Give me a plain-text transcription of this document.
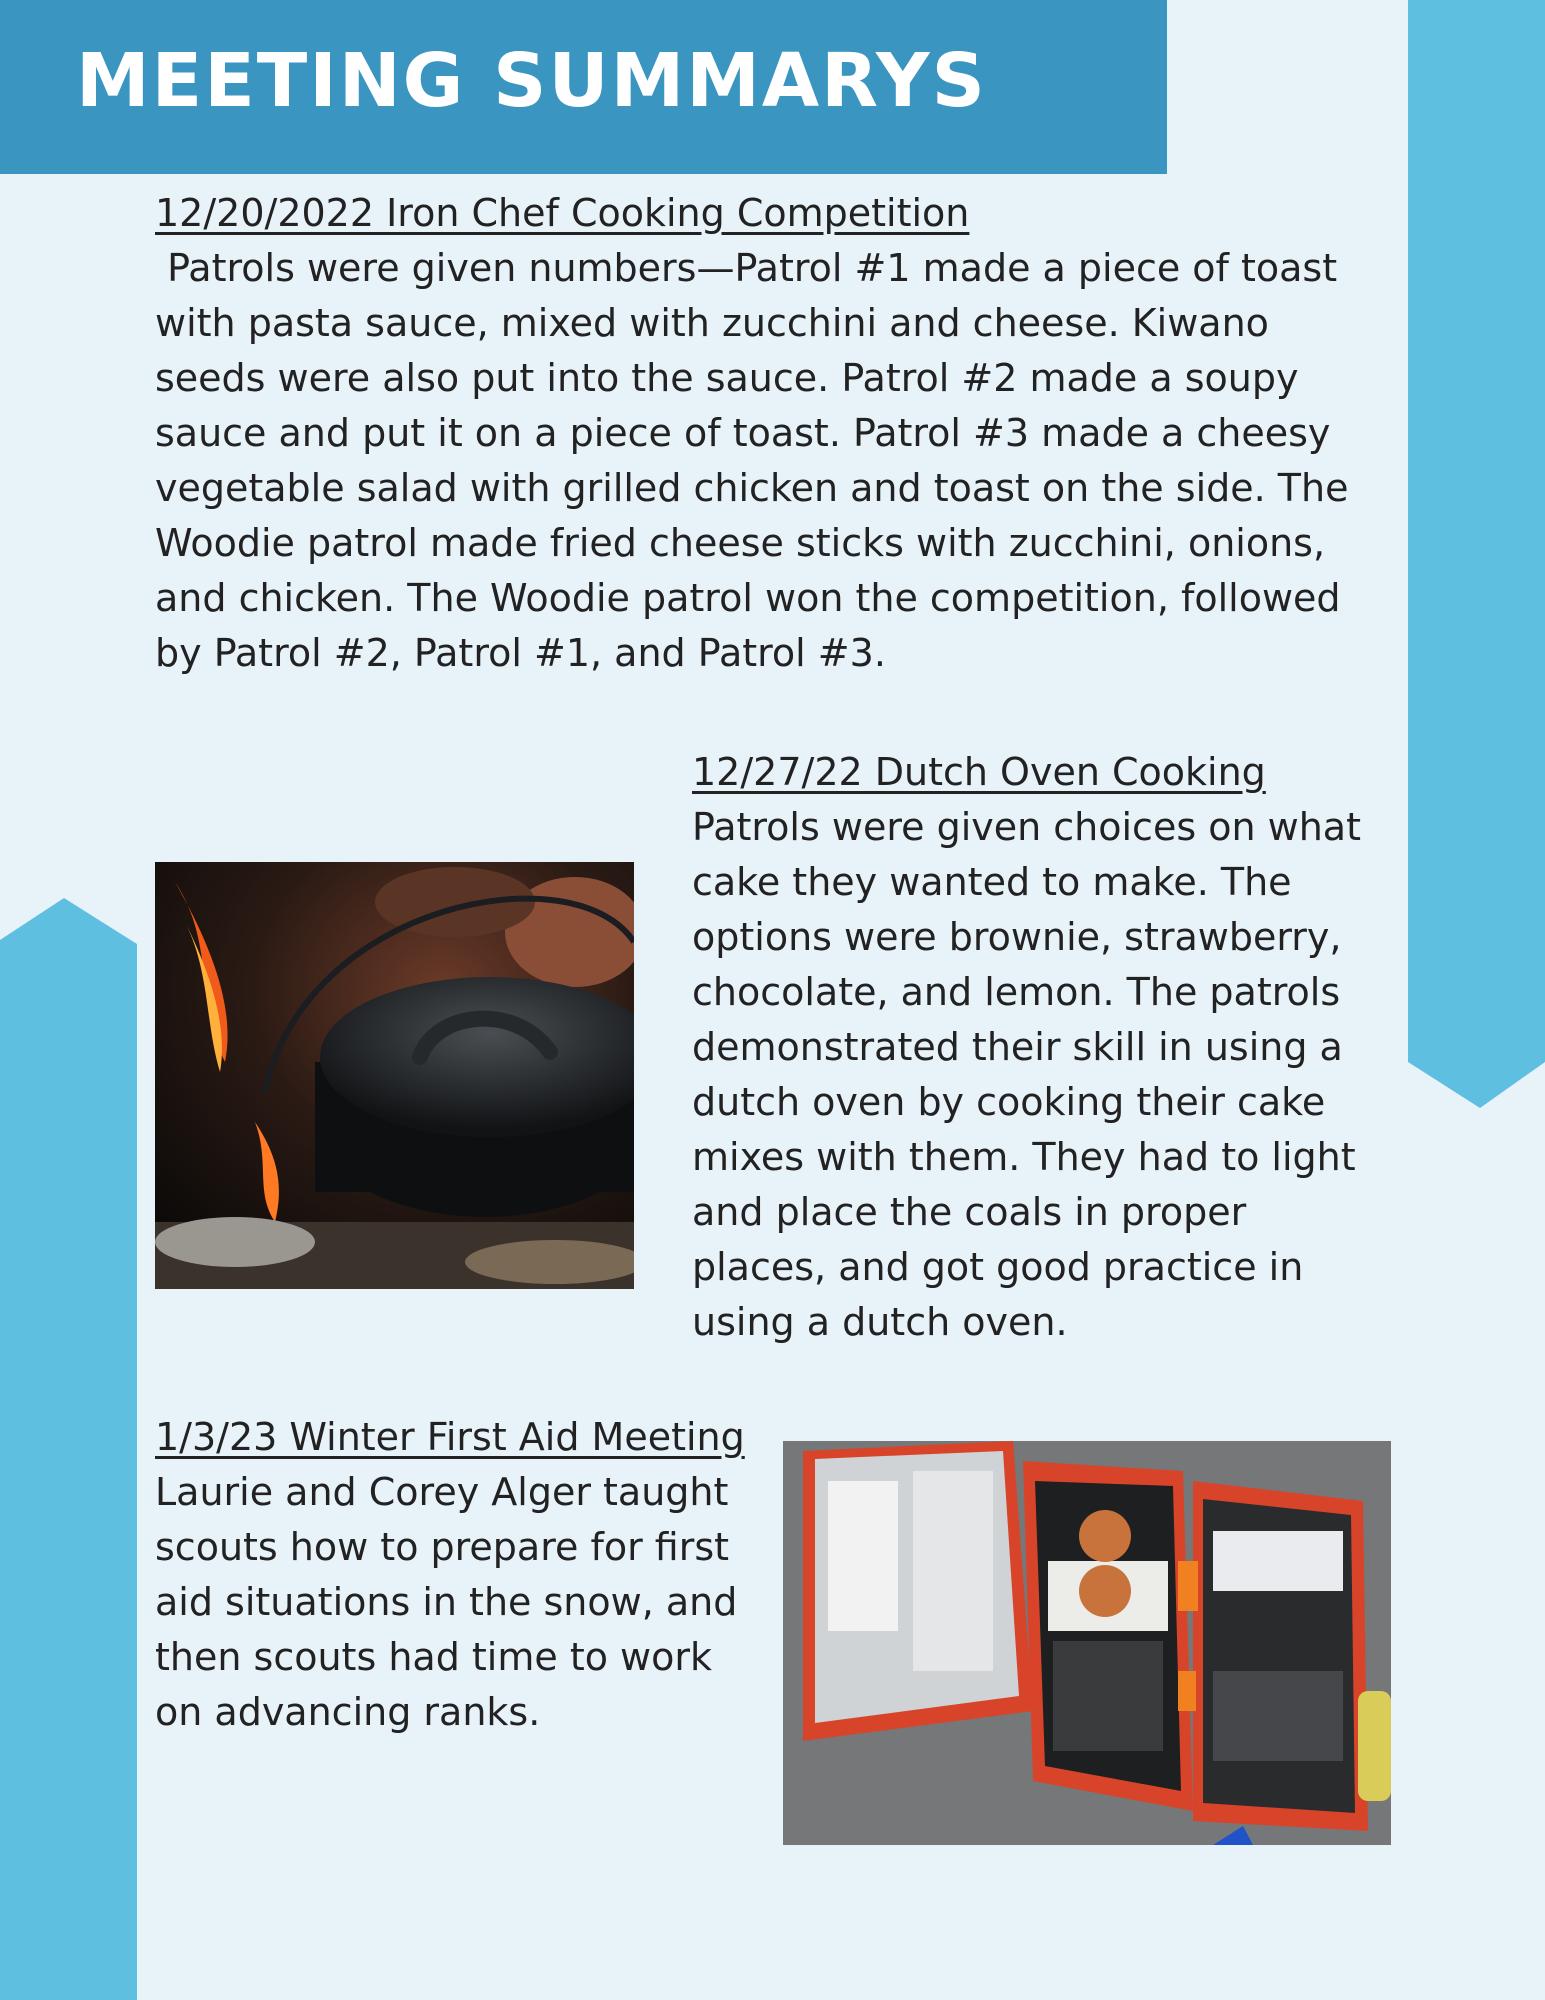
MEETING SUMMARYS
12/20/2022 Iron Chef Cooking Competition

Patrols were given numbers—Patrol #1 made a piece of toast with pasta sauce, mixed with zucchini and cheese. Kiwano seeds were also put into the sauce. Patrol #2 made a soupy sauce and put it on a piece of toast. Patrol #3 made a cheesy vegetable salad with grilled chicken and toast on the side. The Woodie patrol made fried cheese sticks with zucchini, onions, and chicken. The Woodie patrol won the competition, followed by Patrol #2, Patrol #1, and Patrol #3.

12/27/22 Dutch Oven Cooking

Patrols were given choices on what cake they wanted to make. The options were brownie, strawberry, chocolate, and lemon. The patrols demonstrated their skill in using a dutch oven by cooking their cake mixes with them. They had to light and place the coals in proper places, and got good practice in using a dutch oven.

1/3/23 Winter First Aid Meeting

Laurie and Corey Alger taught scouts how to prepare for first aid situations in the snow, and then scouts had time to work on advancing ranks.
